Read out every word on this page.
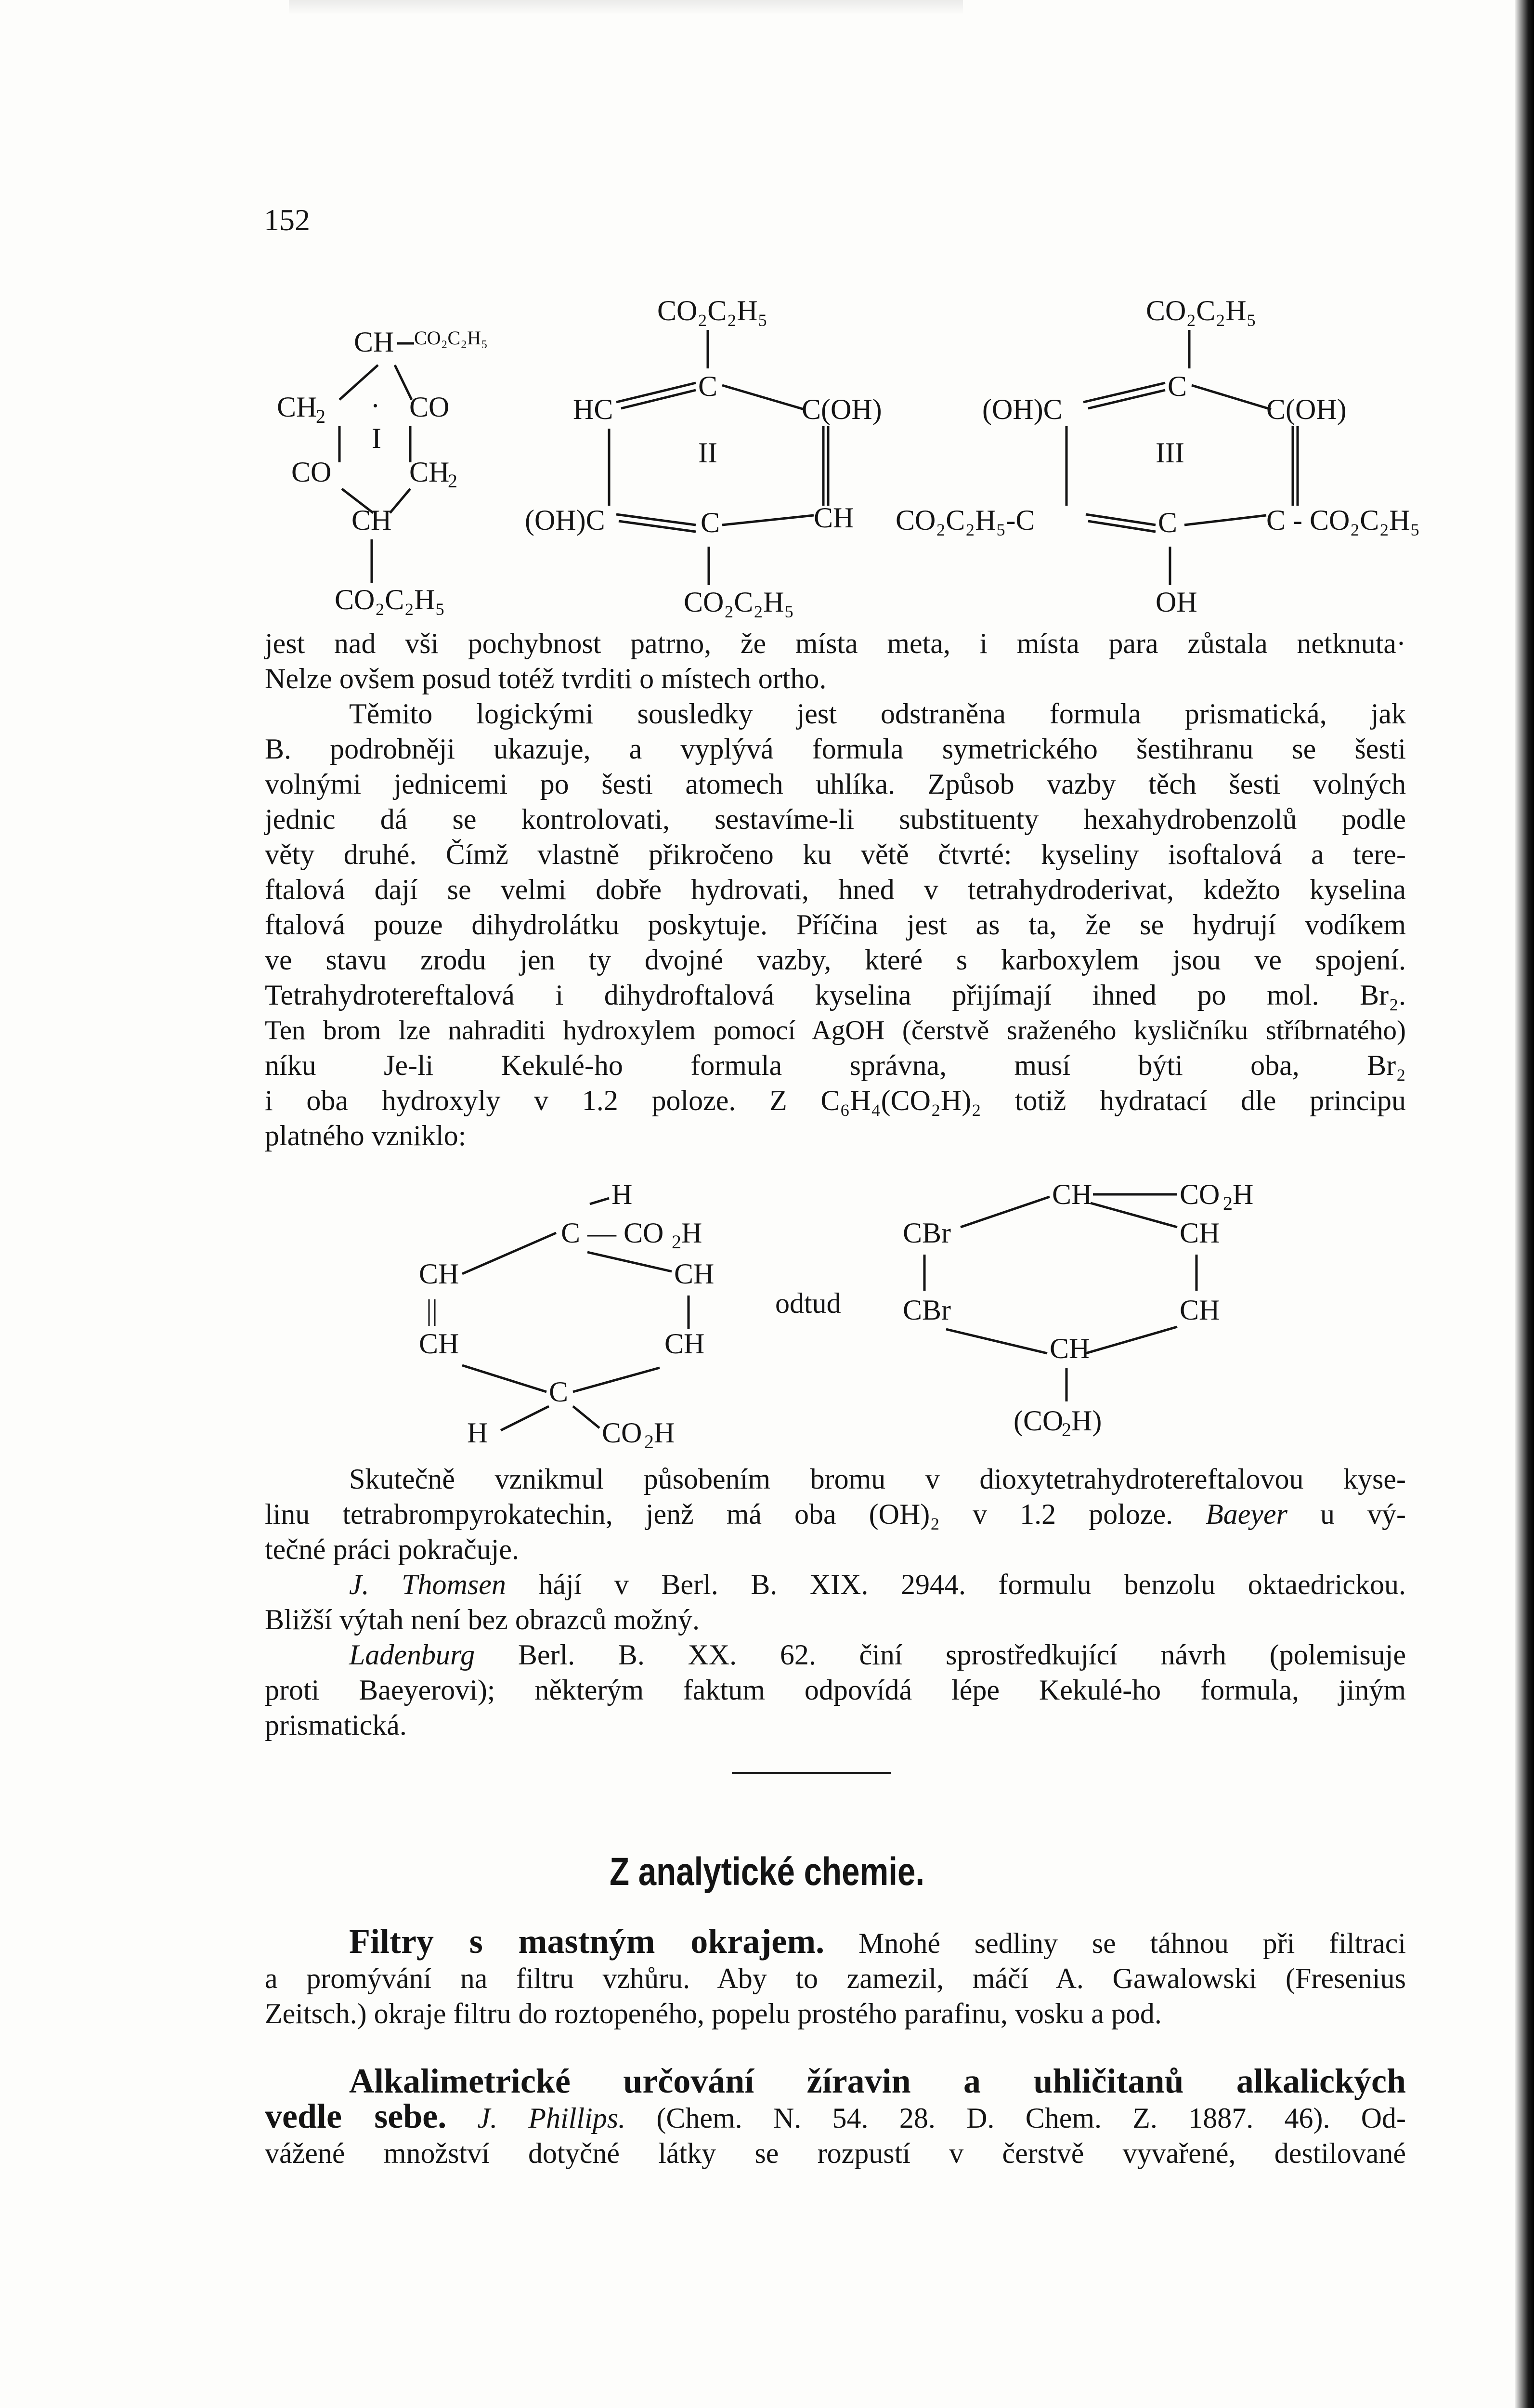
152
CH CO₂C₂H₅
CH
2
. CO
I
CO	CH
2
CH
CO₂C₂H₅
CO₂C₂H₅
C
HC	C(OH)
II
(OH)C	C	CH
CO₂C₂H₅
CO₂C₂H₅
(OH)C
C
C(OH)
III
CO₂C₂H₅-C	C	C - CO₂C₂H₅
OH
jest nad vši pochybnost patrno, že místa meta, i místa para zůstala netknuta·
Nelze ovšem posud totéž tvrditi o místech ortho.
Těmito logickými sousledky jest odstraněna formula prismatická, jak
B. podrobněji ukazuje, a vyplývá formula symetrického šestihranu se šesti
volnými jednicemi po šesti atomech uhlíka. Způsob vazby těch šesti volných
jednic dá se kontrolovati, sestavíme-li substituenty hexahydrobenzolů podle
věty druhé. Čímž vlastně přikročeno ku větě čtvrté: kyseliny isoftalová a tere-
ftalová dají se velmi dobře hydrovati, hned v tetrahydroderivat, kdežto kyselina
ftalová pouze dihydrolátku poskytuje. Příčina jest as ta, že se hydrují vodíkem
ve stavu zrodu jen ty dvojné vazby, které s karboxylem jsou ve spojení.
Tetrahydrotereftalová i dihydroftalová kyselina přijímají ihned po mol. Br₂.
Ten brom lze nahraditi hydroxylem pomocí AgOH (čerstvě sraženého kysličníku stříbrnatého)
níku Je-li Kekulé-ho formula správna, musí býti oba, Br₂
i oba hydroxyly v 1.2 poloze. Z C₆H₄(CO₂H)₂ totiž hydratací dle principu
platného vzniklo:
H
C — CO 2 H
CH
CH
||
CH	CH
C
H	CO 2 H
odtud
CH	CO 2 H
CBr	CH
CBr	CH
CH
(CO
2 H)
Skutečně vznikmul působením bromu v dioxytetrahydrotereftalovou kyse-
linu tetrabrompyrokatechin, jenž má oba (OH)₂ v 1.2 poloze. Baeyer u vý-
tečné práci pokračuje.
J. Thomsen hájí v Berl. B. XIX. 2944. formulu benzolu oktaedrickou.
Bližší výtah není bez obrazců možný.
Ladenburg Berl. B. XX. 62. činí sprostředkující návrh (polemisuje
proti Baeyerovi); některým faktum odpovídá lépe Kekulé-ho formula, jiným
prismatická.
Z analytické chemie.
Filtry s mastným okrajem. Mnohé sedliny se táhnou při filtraci
a promývání na filtru vzhůru. Aby to zamezil, máčí A. Gawalowski (Fresenius
Zeitsch.) okraje filtru do roztopeného, popelu prostého parafinu, vosku a pod.
Alkalimetrické určování žíravin a uhličitanů alkalických
vedle sebe. J. Phillips. (Chem. N. 54. 28. D. Chem. Z. 1887. 46). Od-
vážené množství dotyčné látky se rozpustí v čerstvě vyvařené, destilované
